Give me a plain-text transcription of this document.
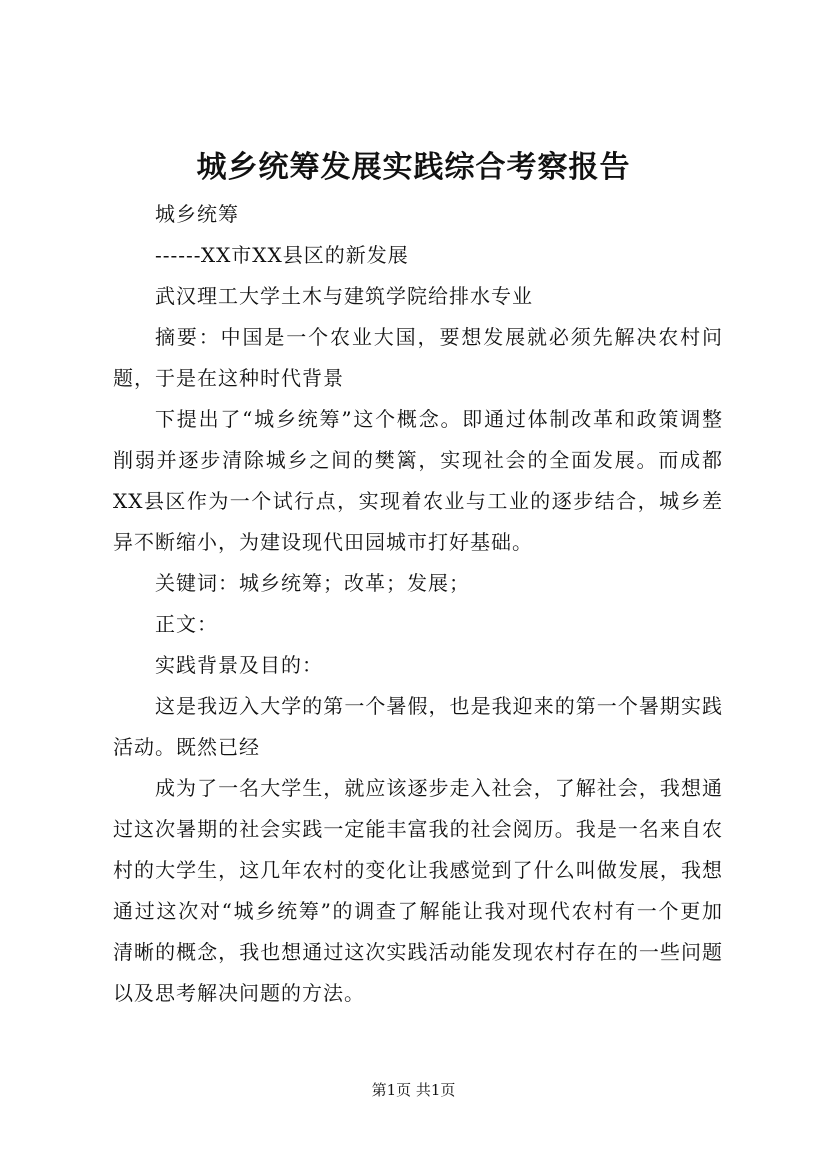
城乡统筹发展实践综合考察报告

城乡统筹

------XX市XX县区的新发展

武汉理工大学土木与建筑学院给排水专业

摘要：中国是一个农业大国，要想发展就必须先解决农村问题，于是在这种时代背景

下提出了“城乡统筹”这个概念。即通过体制改革和政策调整削弱并逐步清除城乡之间的樊篱，实现社会的全面发展。而成都XX县区作为一个试行点，实现着农业与工业的逐步结合，城乡差异不断缩小，为建设现代田园城市打好基础。

关键词：城乡统筹；改革；发展；

正文：

实践背景及目的：

这是我迈入大学的第一个暑假，也是我迎来的第一个暑期实践活动。既然已经

成为了一名大学生，就应该逐步走入社会，了解社会，我想通过这次暑期的社会实践一定能丰富我的社会阅历。我是一名来自农村的大学生，这几年农村的变化让我感觉到了什么叫做发展，我想通过这次对“城乡统筹”的调查了解能让我对现代农村有一个更加清晰的概念，我也想通过这次实践活动能发现农村存在的一些问题以及思考解决问题的方法。

第1页 共1页
